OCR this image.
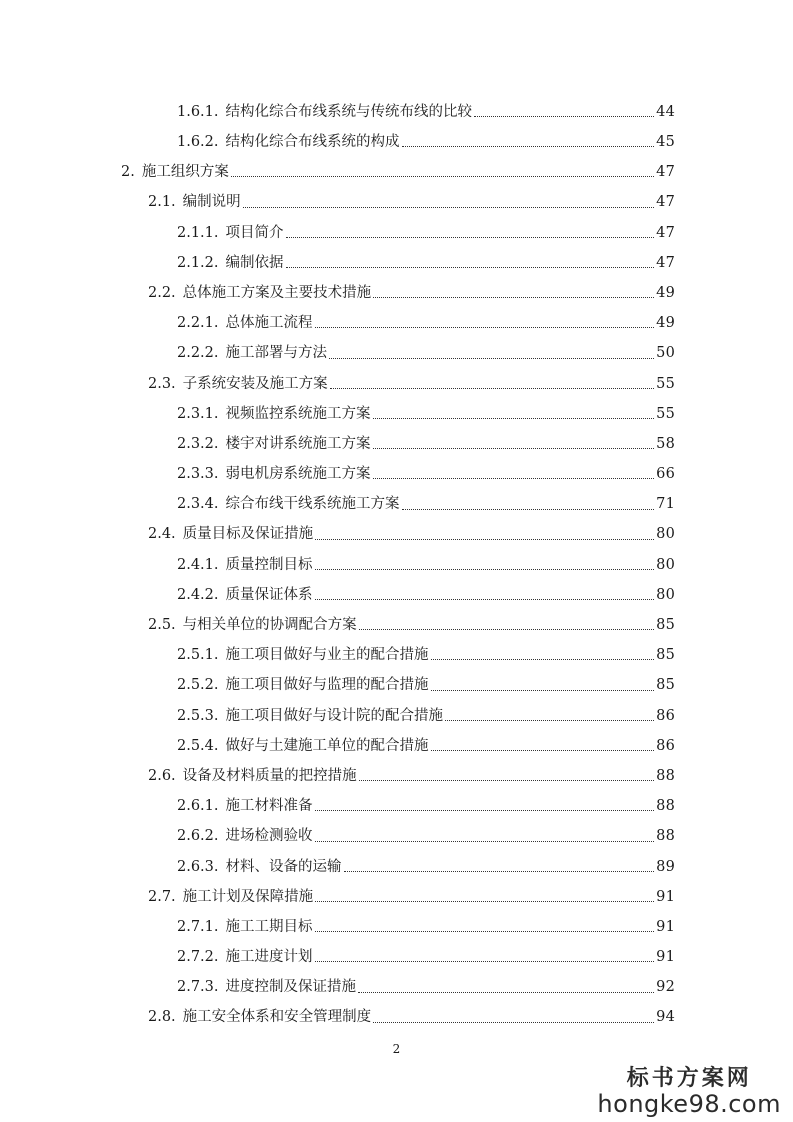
1.6.1. 结构化综合布线系统与传统布线的比较	44
1.6.2. 结构化综合布线系统的构成	45
2. 施工组织方案	47
2.1. 编制说明	47
2.1.1. 项目简介	47
2.1.2. 编制依据	47
2.2. 总体施工方案及主要技术措施	49
2.2.1. 总体施工流程	49
2.2.2. 施工部署与方法	50
2.3. 子系统安装及施工方案	55
2.3.1. 视频监控系统施工方案	55
2.3.2. 楼宇对讲系统施工方案	58
2.3.3. 弱电机房系统施工方案	66
2.3.4. 综合布线干线系统施工方案	71
2.4. 质量目标及保证措施	80
2.4.1. 质量控制目标	80
2.4.2. 质量保证体系	80
2.5. 与相关单位的协调配合方案	85
2.5.1. 施工项目做好与业主的配合措施	85
2.5.2. 施工项目做好与监理的配合措施	85
2.5.3. 施工项目做好与设计院的配合措施	86
2.5.4. 做好与土建施工单位的配合措施	86
2.6. 设备及材料质量的把控措施	88
2.6.1. 施工材料准备	88
2.6.2. 进场检测验收	88
2.6.3. 材料、设备的运输	89
2.7. 施工计划及保障措施	91
2.7.1. 施工工期目标	91
2.7.2. 施工进度计划	91
2.7.3. 进度控制及保证措施	92
2.8. 施工安全体系和安全管理制度	94
2
标书方案网
hongke98.com
